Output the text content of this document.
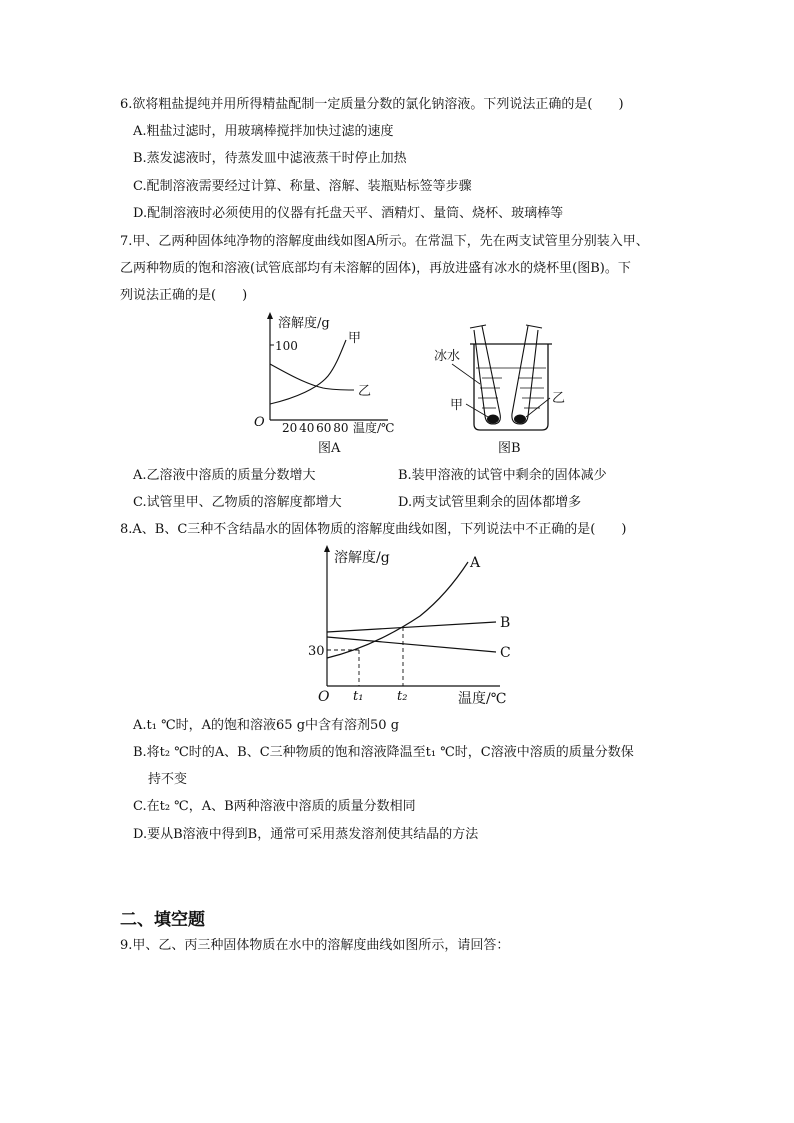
6.欲将粗盐提纯并用所得精盐配制一定质量分数的氯化钠溶液。下列说法正确的是(　　)
A.粗盐过滤时，用玻璃棒搅拌加快过滤的速度
B.蒸发滤液时，待蒸发皿中滤液蒸干时停止加热
C.配制溶液需要经过计算、称量、溶解、装瓶贴标签等步骤
D.配制溶液时必须使用的仪器有托盘天平、酒精灯、量筒、烧杯、玻璃棒等
7.甲、乙两种固体纯净物的溶解度曲线如图A所示。在常温下，先在两支试管里分别装入甲、
乙两种物质的饱和溶液(试管底部均有未溶解的固体)，再放进盛有冰水的烧杯里(图B)。下
列说法正确的是(　　)
溶解度/g
100	甲
乙
O 20 40 60 80 温度/℃
图A
冰水
甲	乙
图B
A.乙溶液中溶质的质量分数增大	B.装甲溶液的试管中剩余的固体减少
C.试管里甲、乙物质的溶解度都增大	D.两支试管里剩余的固体都增多
8.A、B、C三种不含结晶水的固体物质的溶解度曲线如图，下列说法中不正确的是(　　)
溶解度/g
30
A
B
C
O t₁	t₂	温度/℃
A.t₁ ℃时，A的饱和溶液65 g中含有溶剂50 g
B.将t₂ ℃时的A、B、C三种物质的饱和溶液降温至t₁ ℃时，C溶液中溶质的质量分数保
持不变
C.在t₂ ℃，A、B两种溶液中溶质的质量分数相同
D.要从B溶液中得到B，通常可采用蒸发溶剂使其结晶的方法
二、填空题
9.甲、乙、丙三种固体物质在水中的溶解度曲线如图所示，请回答：
